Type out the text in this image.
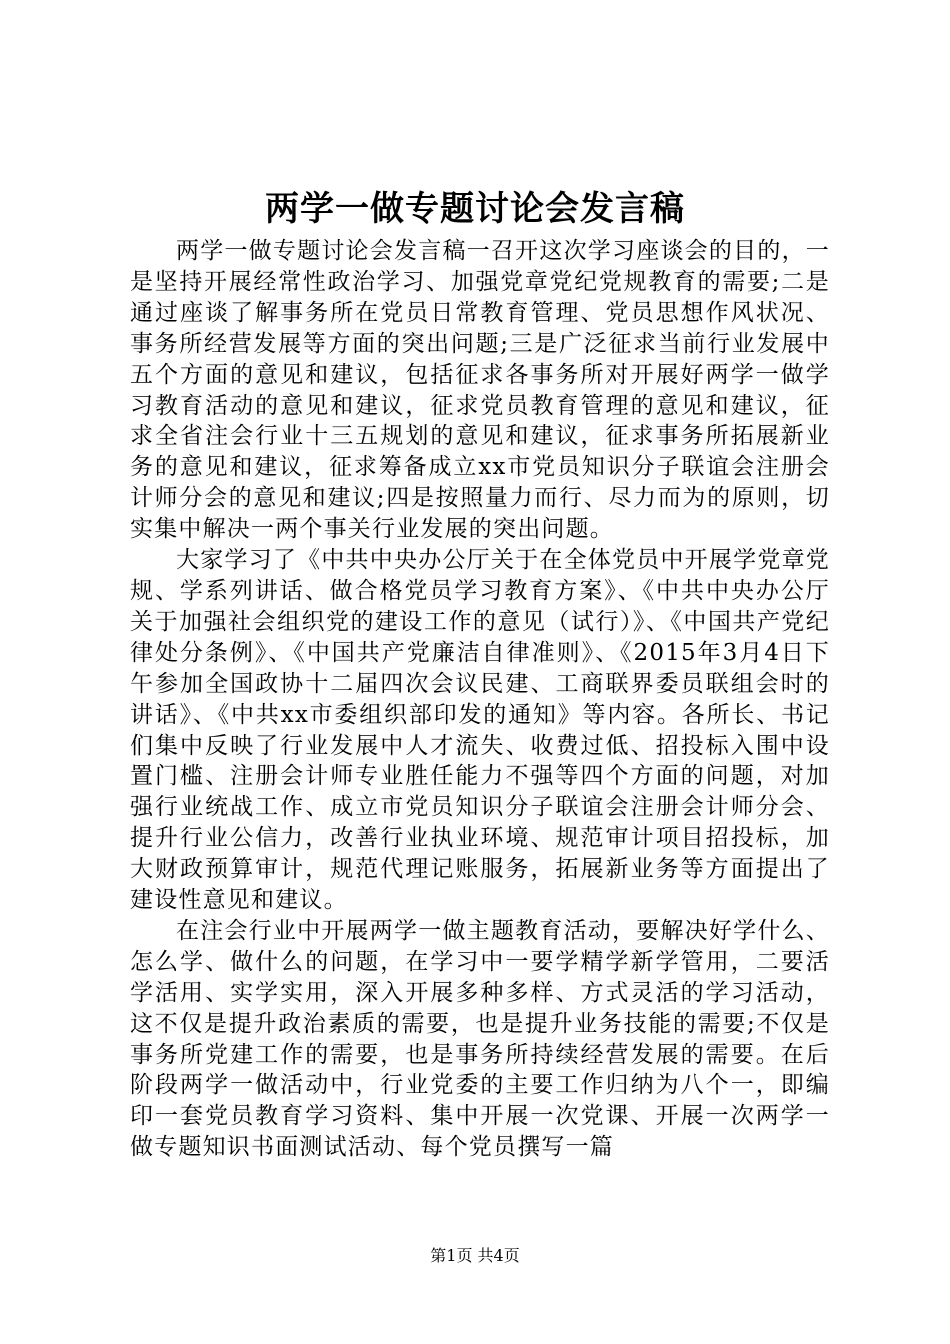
两学一做专题讨论会发言稿

两学一做专题讨论会发言稿一召开这次学习座谈会的目的，一是坚持开展经常性政治学习、加强党章党纪党规教育的需要;二是通过座谈了解事务所在党员日常教育管理、党员思想作风状况、事务所经营发展等方面的突出问题;三是广泛征求当前行业发展中五个方面的意见和建议，包括征求各事务所对开展好两学一做学习教育活动的意见和建议，征求党员教育管理的意见和建议，征求全省注会行业十三五规划的意见和建议，征求事务所拓展新业务的意见和建议，征求筹备成立xx市党员知识分子联谊会注册会计师分会的意见和建议;四是按照量力而行、尽力而为的原则，切实集中解决一两个事关行业发展的突出问题。

大家学习了《中共中央办公厅关于在全体党员中开展学党章党规、学系列讲话、做合格党员学习教育方案》、《中共中央办公厅关于加强社会组织党的建设工作的意见（试行）》、《中国共产党纪律处分条例》、《中国共产党廉洁自律准则》、《2015年3月4日下午参加全国政协十二届四次会议民建、工商联界委员联组会时的讲话》、《中共xx市委组织部印发的通知》等内容。各所长、书记们集中反映了行业发展中人才流失、收费过低、招投标入围中设置门槛、注册会计师专业胜任能力不强等四个方面的问题，对加强行业统战工作、成立市党员知识分子联谊会注册会计师分会、提升行业公信力，改善行业执业环境、规范审计项目招投标，加大财政预算审计，规范代理记账服务，拓展新业务等方面提出了建设性意见和建议。

在注会行业中开展两学一做主题教育活动，要解决好学什么、怎么学、做什么的问题，在学习中一要学精学新学管用，二要活学活用、实学实用，深入开展多种多样、方式灵活的学习活动，这不仅是提升政治素质的需要，也是提升业务技能的需要;不仅是事务所党建工作的需要，也是事务所持续经营发展的需要。在后阶段两学一做活动中，行业党委的主要工作归纳为八个一，即编印一套党员教育学习资料、集中开展一次党课、开展一次两学一做专题知识书面测试活动、每个党员撰写一篇

第1页 共4页
